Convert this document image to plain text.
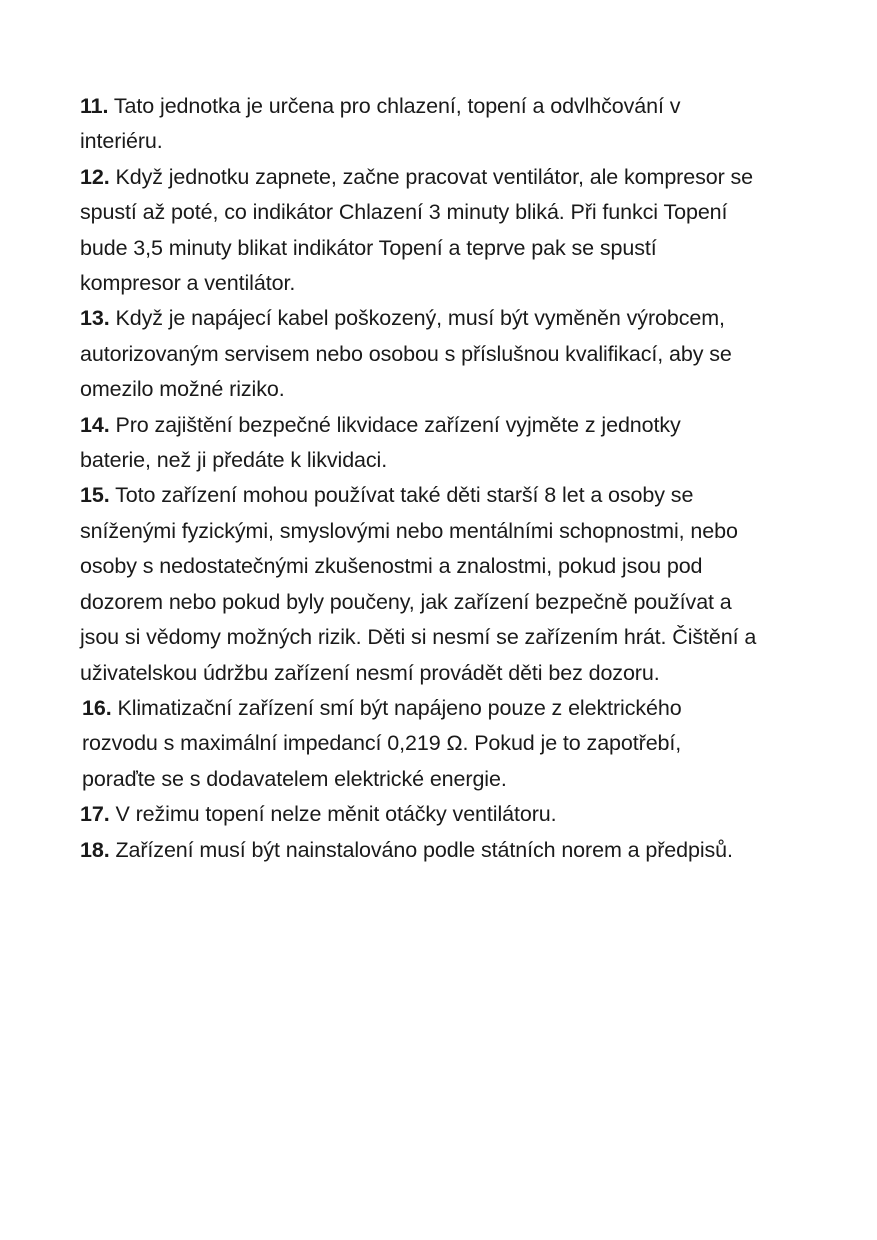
11. Tato jednotka je určena pro chlazení, topení a odvlhčování v
interiéru.
12. Když jednotku zapnete, začne pracovat ventilátor, ale kompresor se
spustí až poté, co indikátor Chlazení 3 minuty bliká. Při funkci Topení
bude 3,5 minuty blikat indikátor Topení a teprve pak se spustí
kompresor a ventilátor.
13. Když je napájecí kabel poškozený, musí být vyměněn výrobcem,
autorizovaným servisem nebo osobou s příslušnou kvalifikací, aby se
omezilo možné riziko.
14. Pro zajištění bezpečné likvidace zařízení vyjměte z jednotky
baterie, než ji předáte k likvidaci.
15. Toto zařízení mohou používat také děti starší 8 let a osoby se
sníženými fyzickými, smyslovými nebo mentálními schopnostmi, nebo
osoby s nedostatečnými zkušenostmi a znalostmi, pokud jsou pod
dozorem nebo pokud byly poučeny, jak zařízení bezpečně používat a
jsou si vědomy možných rizik. Děti si nesmí se zařízením hrát. Čištění a
uživatelskou údržbu zařízení nesmí provádět děti bez dozoru.
16. Klimatizační zařízení smí být napájeno pouze z elektrického
rozvodu s maximální impedancí 0,219 Ω. Pokud je to zapotřebí,
poraďte se s dodavatelem elektrické energie.
17. V režimu topení nelze měnit otáčky ventilátoru.
18. Zařízení musí být nainstalováno podle státních norem a předpisů.
